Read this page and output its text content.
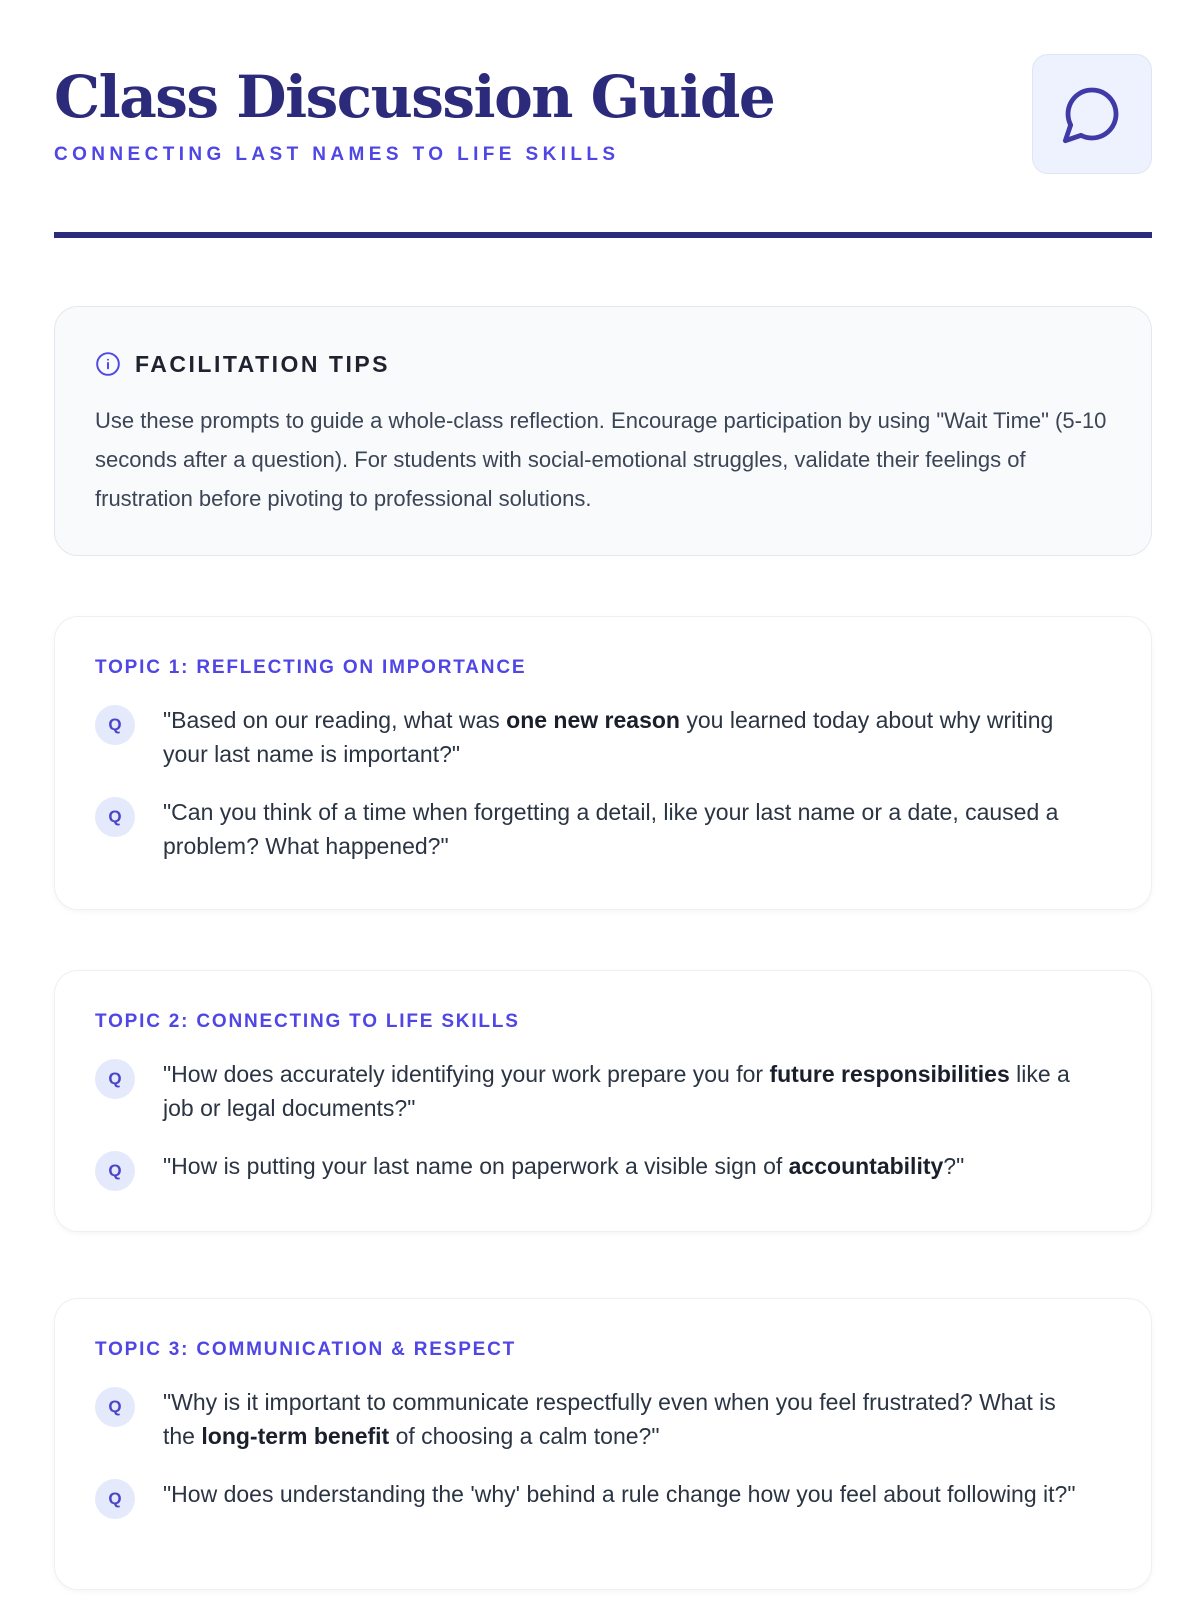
Class Discussion Guide
CONNECTING LAST NAMES TO LIFE SKILLS
FACILITATION TIPS
Use these prompts to guide a whole-class reflection. Encourage participation by using "Wait Time" (5-10 seconds after a question). For students with social-emotional struggles, validate their feelings of frustration before pivoting to professional solutions.
TOPIC 1: REFLECTING ON IMPORTANCE
Q	"Based on our reading, what was one new reason you learned today about why writing your last name is important?"
Q	"Can you think of a time when forgetting a detail, like your last name or a date, caused a problem? What happened?"
TOPIC 2: CONNECTING TO LIFE SKILLS
Q	"How does accurately identifying your work prepare you for future responsibilities like a job or legal documents?"
Q	"How is putting your last name on paperwork a visible sign of accountability?"
TOPIC 3: COMMUNICATION & RESPECT
Q	"Why is it important to communicate respectfully even when you feel frustrated? What is the long-term benefit of choosing a calm tone?"
Q	"How does understanding the 'why' behind a rule change how you feel about following it?"
